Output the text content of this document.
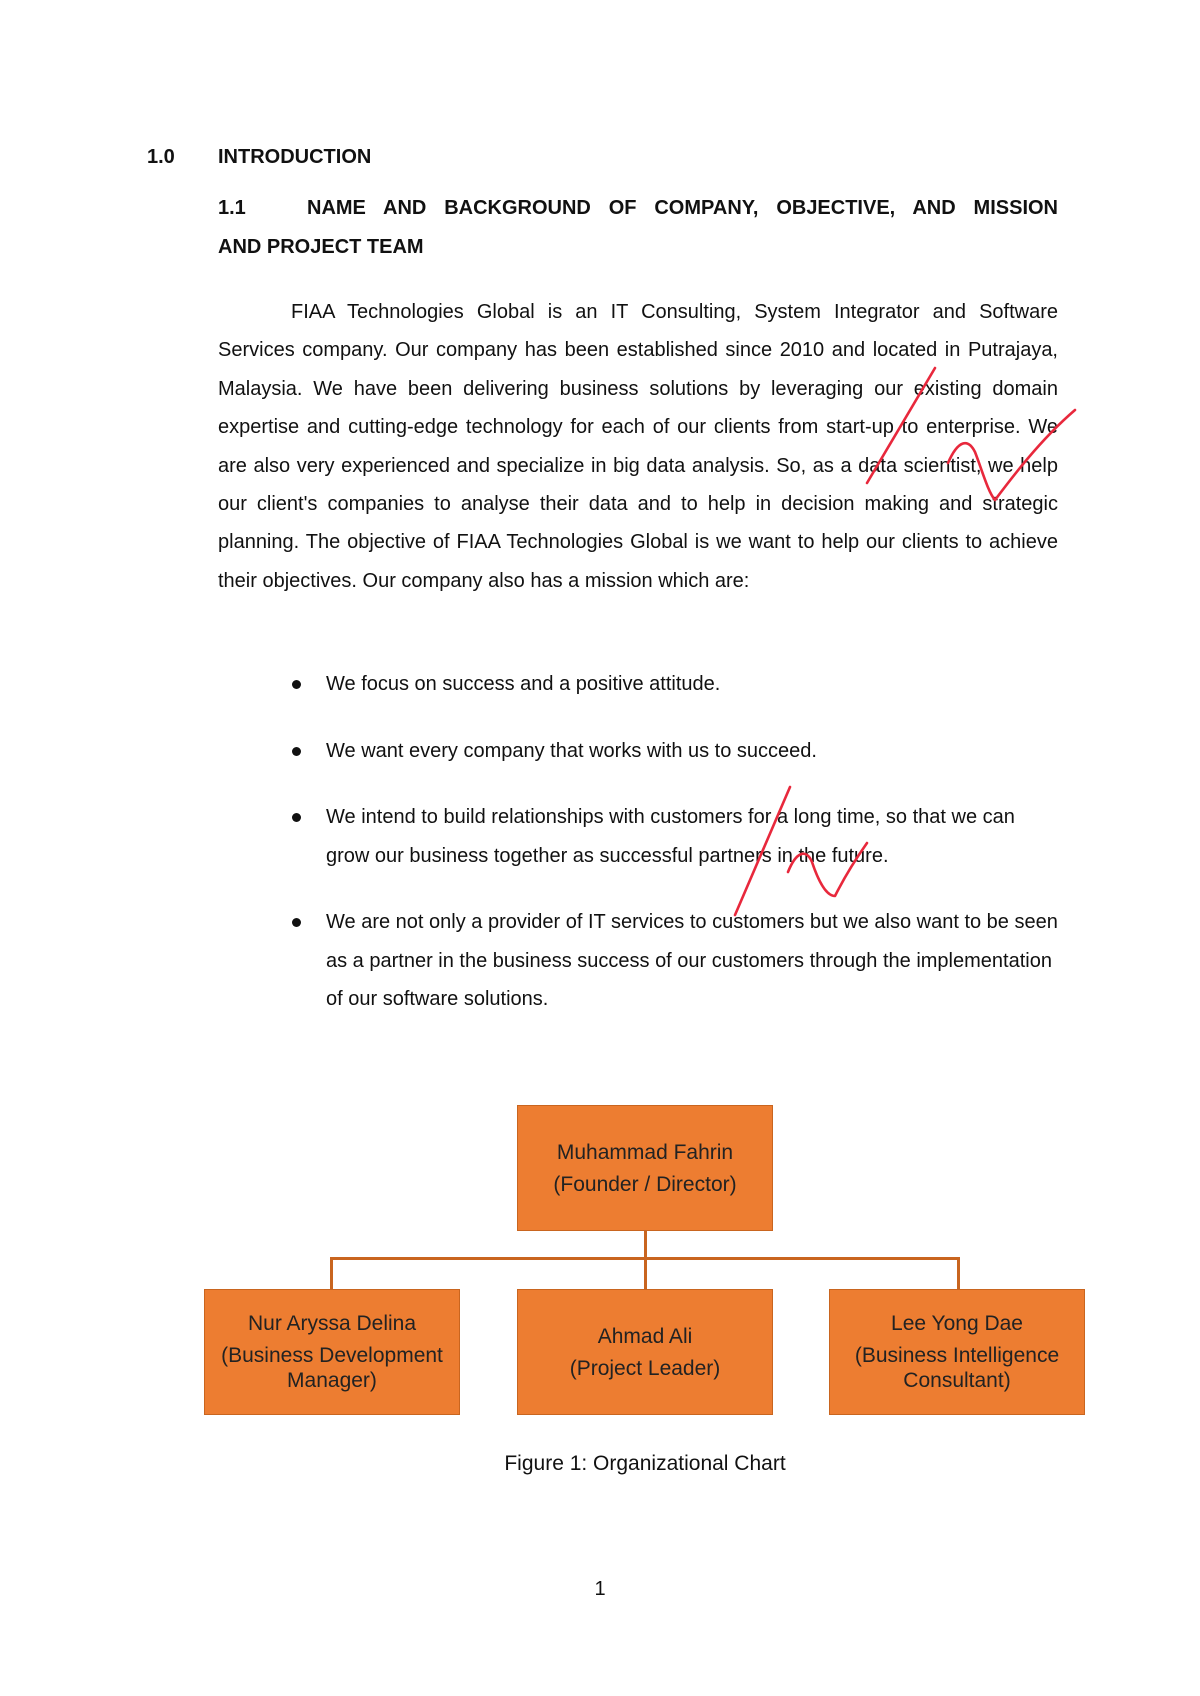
1.0 INTRODUCTION
1.1	NAME AND BACKGROUND OF COMPANY, OBJECTIVE, AND MISSION
AND PROJECT TEAM
FIAA Technologies Global is an IT Consulting, System Integrator and Software Services company. Our company has been established since 2010 and located in Putrajaya, Malaysia. We have been delivering business solutions by leveraging our existing domain expertise and cutting-edge technology for each of our clients from start-up to enterprise. We are also very experienced and specialize in big data analysis. So, as a data scientist, we help our client's companies to analyse their data and to help in decision making and strategic planning. The objective of FIAA Technologies Global is we want to help our clients to achieve their objectives. Our company also has a mission which are:
We focus on success and a positive attitude.
We want every company that works with us to succeed.
We intend to build relationships with customers for a long time, so that we can grow our business together as successful partners in the future.
We are not only a provider of IT services to customers but we also want to be seen as a partner in the business success of our customers through the implementation of our software solutions.
Muhammad Fahrin
(Founder / Director)
Nur Aryssa Delina
(Business Development Manager)
Ahmad Ali
(Project Leader)
Lee Yong Dae
(Business Intelligence Consultant)
Figure 1: Organizational Chart
1
